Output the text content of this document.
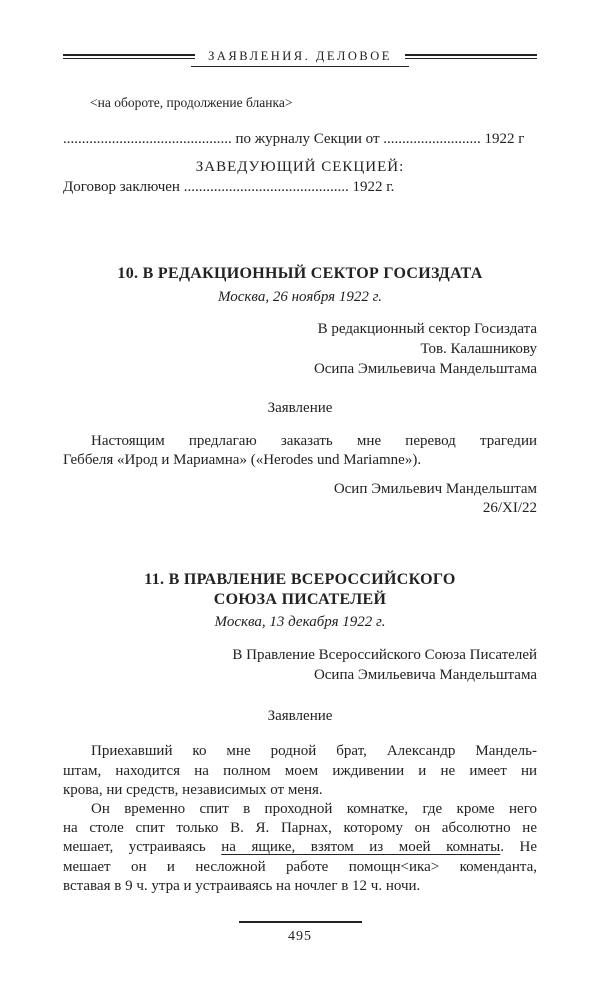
ЗАЯВЛЕНИЯ. ДЕЛОВОЕ
<на обороте, продолжение бланка>
............................................. по журналу Секции от .......................... 1922 г
ЗАВЕДУЮЩИЙ СЕКЦИЕЙ:
Договор заключен ............................................ 1922 г.
10. В РЕДАКЦИОННЫЙ СЕКТОР ГОСИЗДАТА
Москва, 26 ноября 1922 г.
В редакционный сектор Госиздата
Тов. Калашникову
Осипа Эмильевича Мандельштама
Заявление
Настоящим предлагаю заказать мне перевод трагедии
Геббеля «Ирод и Мариамна» («Herodes und Mariamne»).
Осип Эмильевич Мандельштам
26/XI/22
11. В ПРАВЛЕНИЕ ВСЕРОССИЙСКОГО
СОЮЗА ПИСАТЕЛЕЙ
Москва, 13 декабря 1922 г.
В Правление Всероссийского Союза Писателей
Осипа Эмильевича Мандельштама
Заявление
Приехавший ко мне родной брат, Александр Мандель-
штам, находится на полном моем иждивении и не имеет ни
крова, ни средств, независимых от меня.
Он временно спит в проходной комнатке, где кроме него
на столе спит только В. Я. Парнах, которому он абсолютно не
мешает, устраиваясь на ящике, взятом из моей комнаты. Не
мешает он и несложной работе помощн<ика> коменданта,
вставая в 9 ч. утра и устраиваясь на ночлег в 12 ч. ночи.
495
